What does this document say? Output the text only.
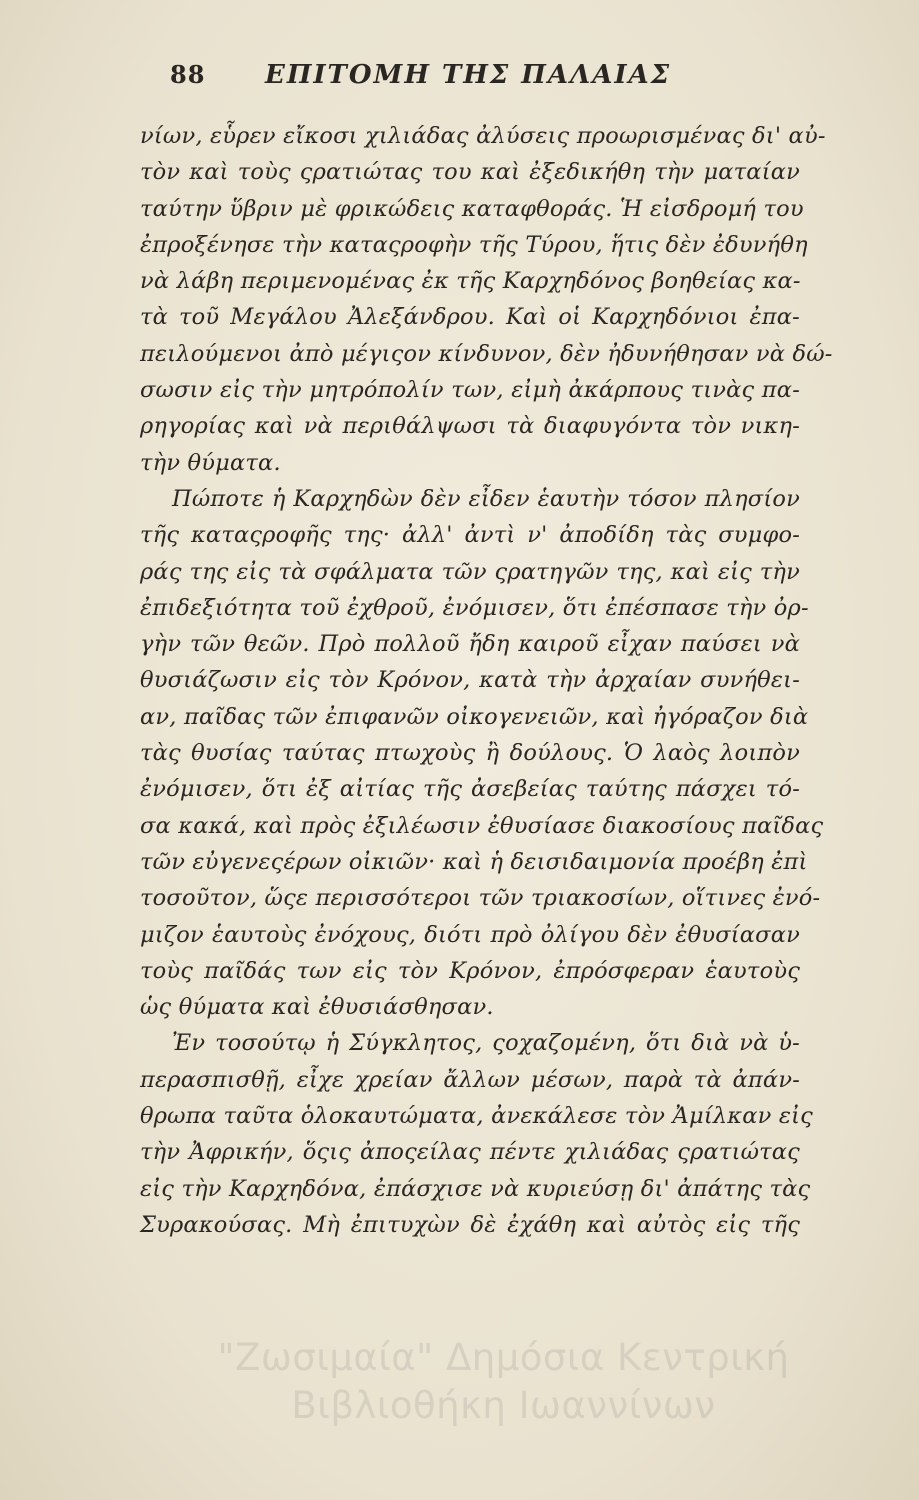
88 ΕΠΙΤΟΜΗ ΤΗΣ ΠΑΛΑΙΑΣ
νίων, εὗρεν εἴκοσι χιλιάδας ἀλύσεις προωρισμένας δι' αὐ-
τὸν καὶ τοὺς ςρατιώτας του καὶ ἐξεδικήθη τὴν ματαίαν
ταύτην ὕβριν μὲ φρικώδεις καταφθοράς. Ἡ εἰσδρομή του
ἐπροξένησε τὴν καταςροφὴν τῆς Τύρου, ἥτις δὲν ἐδυνήθη
νὰ λάβη περιμενομένας ἐκ τῆς Καρχηδόνος βοηθείας κα-
τὰ τοῦ Μεγάλου Ἀλεξάνδρου. Καὶ οἱ Καρχηδόνιοι ἐπα-
πειλούμενοι ἀπὸ μέγιςον κίνδυνον, δὲν ἠδυνήθησαν νὰ δώ-
σωσιν εἰς τὴν μητρόπολίν των, εἰμὴ ἀκάρπους τινὰς πα-
ρηγορίας καὶ νὰ περιθάλψωσι τὰ διαφυγόντα τὸν νικη-
τὴν θύματα.
Πώποτε ἡ Καρχηδὼν δὲν εἶδεν ἑαυτὴν τόσον πλησίον
τῆς καταςροφῆς της· ἀλλ' ἀντὶ ν' ἀποδίδη τὰς συμφο-
ράς της εἰς τὰ σφάλματα τῶν ςρατηγῶν της, καὶ εἰς τὴν
ἐπιδεξιότητα τοῦ ἐχθροῦ, ἐνόμισεν, ὅτι ἐπέσπασε τὴν ὀρ-
γὴν τῶν θεῶν. Πρὸ πολλοῦ ἤδη καιροῦ εἶχαν παύσει νὰ
θυσιάζωσιν εἰς τὸν Κρόνον, κατὰ τὴν ἀρχαίαν συνήθει-
αν, παῖδας τῶν ἐπιφανῶν οἰκογενειῶν, καὶ ἠγόραζον διὰ
τὰς θυσίας ταύτας πτωχοὺς ἢ δούλους. Ὁ λαὸς λοιπὸν
ἐνόμισεν, ὅτι ἐξ αἰτίας τῆς ἀσεβείας ταύτης πάσχει τό-
σα κακά, καὶ πρὸς ἐξιλέωσιν ἐθυσίασε διακοσίους παῖδας
τῶν εὐγενεςέρων οἰκιῶν· καὶ ἡ δεισιδαιμονία προέβη ἐπὶ
τοσοῦτον, ὥςε περισσότεροι τῶν τριακοσίων, οἵτινες ἐνό-
μιζον ἑαυτοὺς ἐνόχους, διότι πρὸ ὀλίγου δὲν ἐθυσίασαν
τοὺς παῖδάς των εἰς τὸν Κρόνον, ἐπρόσφεραν ἑαυτοὺς
ὡς θύματα καὶ ἐθυσιάσθησαν.
Ἐν τοσούτῳ ἡ Σύγκλητος, ςοχαζομένη, ὅτι διὰ νὰ ὑ-
περασπισθῇ, εἶχε χρείαν ἄλλων μέσων, παρὰ τὰ ἀπάν-
θρωπα ταῦτα ὁλοκαυτώματα, ἀνεκάλεσε τὸν Ἀμίλκαν εἰς
τὴν Ἀφρικήν, ὅςις ἀποςείλας πέντε χιλιάδας ςρατιώτας
εἰς τὴν Καρχηδόνα, ἐπάσχισε νὰ κυριεύσῃ δι' ἀπάτης τὰς
Συρακούσας. Μὴ ἐπιτυχὼν δὲ ἐχάθη καὶ αὐτὸς εἰς τῆς
"Ζωσιμαία" Δημόσια Κεντρική
Βιβλιοθήκη Ιωαννίνων
